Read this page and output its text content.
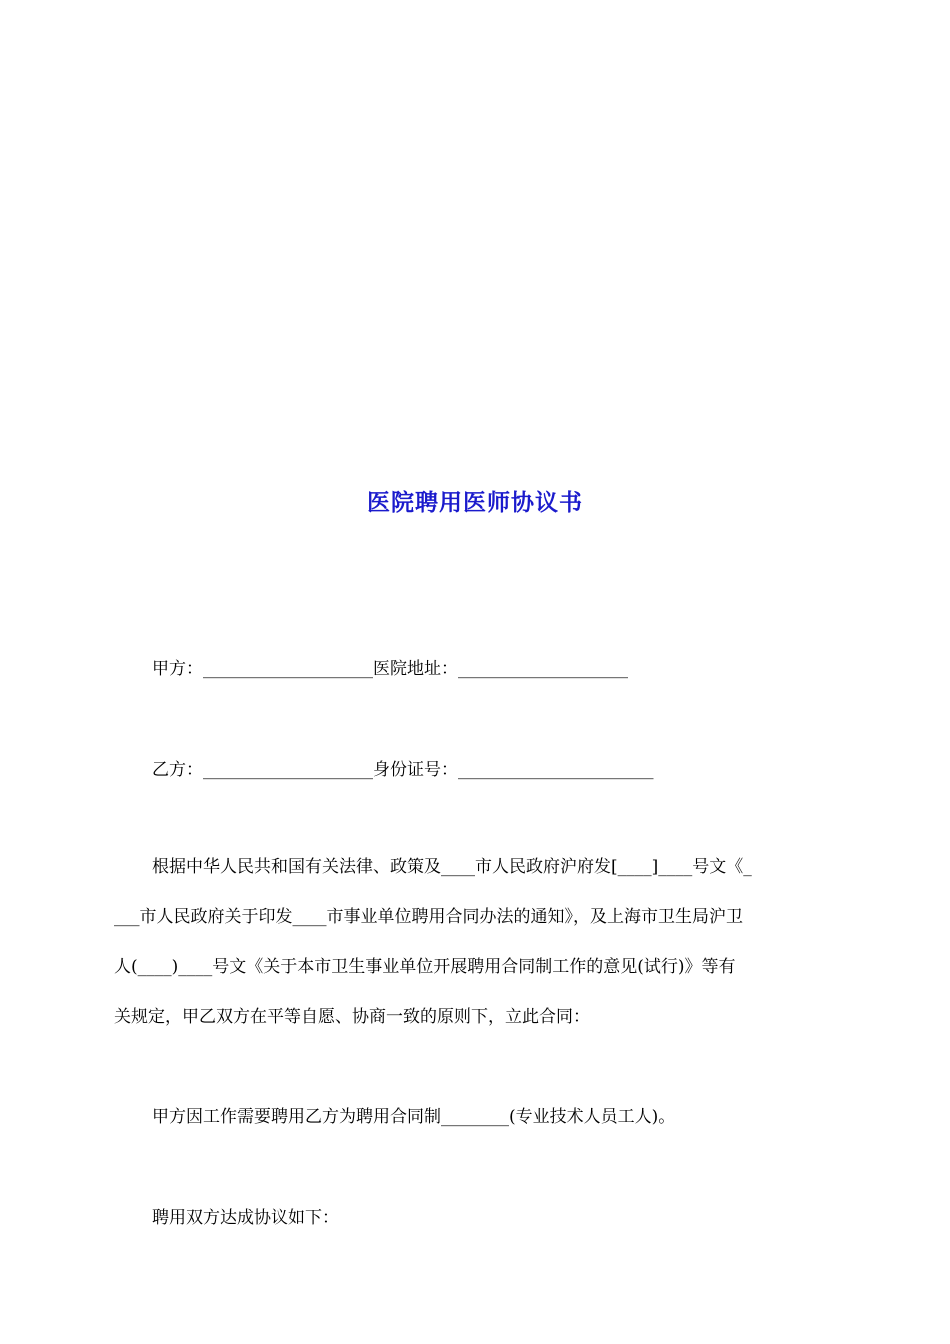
医院聘用医师协议书
甲方：____________________医院地址：____________________
乙方：____________________身份证号：_______________________
根据中华人民共和国有关法律、政策及____市人民政府沪府发[____]____号文《_
___市人民政府关于印发____市事业单位聘用合同办法的通知》，及上海市卫生局沪卫
人(____)____号文《关于本市卫生事业单位开展聘用合同制工作的意见(试行)》等有
关规定，甲乙双方在平等自愿、协商一致的原则下，立此合同：
甲方因工作需要聘用乙方为聘用合同制________(专业技术人员工人)。
聘用双方达成协议如下：
